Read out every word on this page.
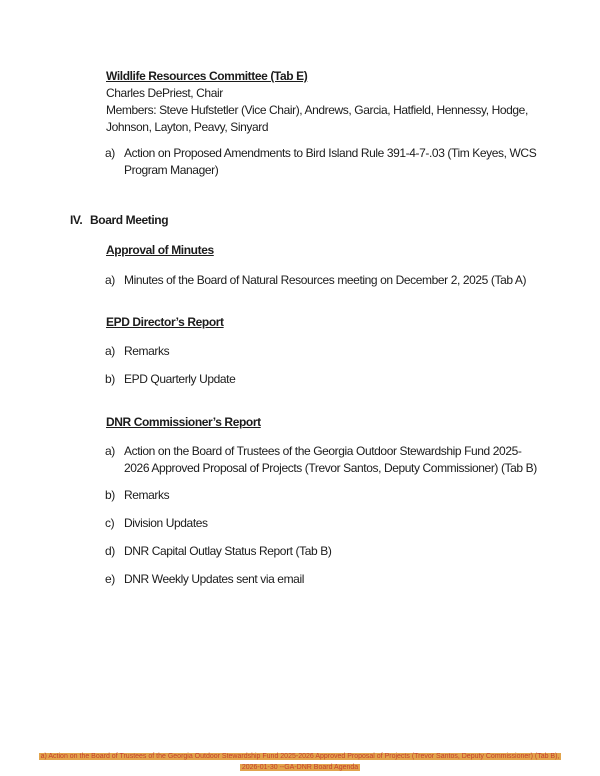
Wildlife Resources Committee (Tab E)
Charles DePriest, Chair
Members: Steve Hufstetler (Vice Chair), Andrews, Garcia, Hatfield, Hennessy, Hodge,
Johnson, Layton, Peavy, Sinyard
a) Action on Proposed Amendments to Bird Island Rule 391-4-7-.03 (Tim Keyes, WCS
Program Manager)
IV. Board Meeting
Approval of Minutes
a) Minutes of the Board of Natural Resources meeting on December 2, 2025 (Tab A)
EPD Director’s Report
a) Remarks
b) EPD Quarterly Update
DNR Commissioner’s Report
a) Action on the Board of Trustees of the Georgia Outdoor Stewardship Fund 2025-
2026 Approved Proposal of Projects (Trevor Santos, Deputy Commissioner) (Tab B)
b) Remarks
c) Division Updates
d) DNR Capital Outlay Status Report (Tab B)
e) DNR Weekly Updates sent via email
a) Action on the Board of Trustees of the Georgia Outdoor Stewardship Fund 2025-2026 Approved Proposal of Projects (Trevor Santos, Deputy Commissioner) (Tab B),
2026-01-30 --GA-DNR Board Agenda
